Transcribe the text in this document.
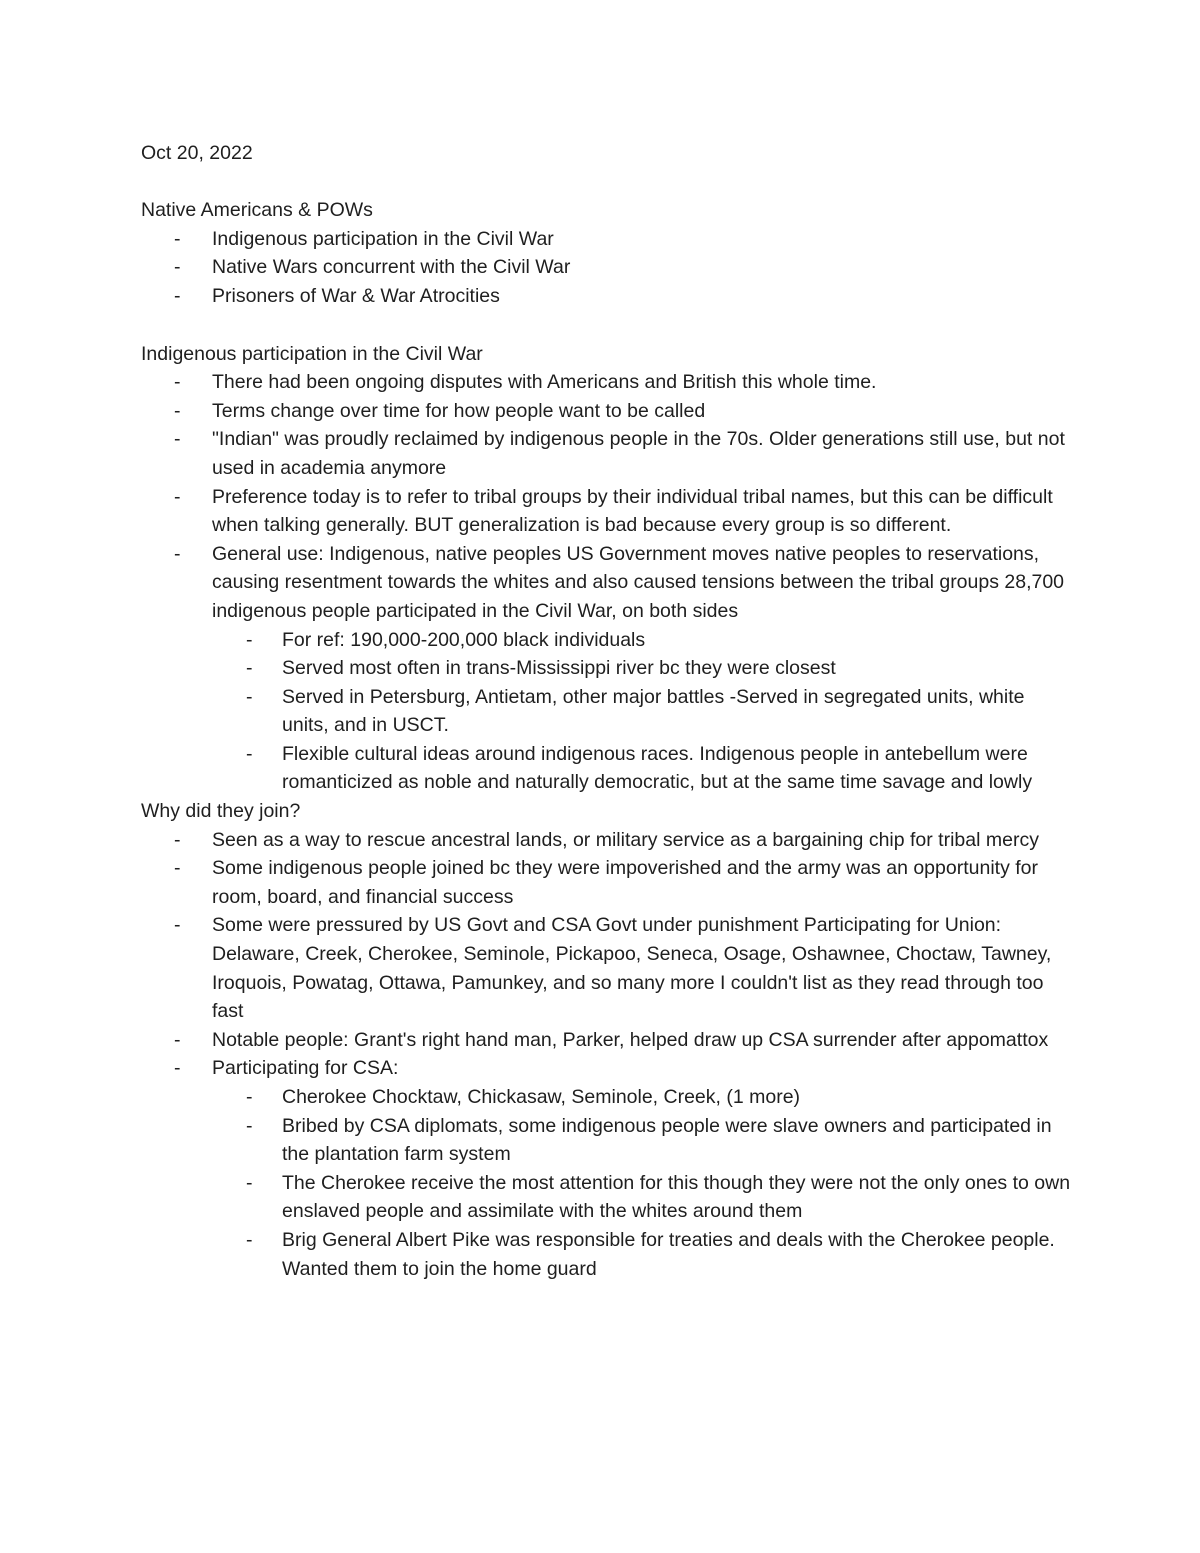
Oct 20, 2022

Native Americans & POWs

- Indigenous participation in the Civil War
- Native Wars concurrent with the Civil War
- Prisoners of War & War Atrocities

Indigenous participation in the Civil War

- There had been ongoing disputes with Americans and British this whole time.
- Terms change over time for how people want to be called
- "Indian" was proudly reclaimed by indigenous people in the 70s. Older generations still use, but not used in academia anymore
- Preference today is to refer to tribal groups by their individual tribal names, but this can be difficult when talking generally. BUT generalization is bad because every group is so different.
- General use: Indigenous, native peoples US Government moves native peoples to reservations, causing resentment towards the whites and also caused tensions between the tribal groups 28,700 indigenous people participated in the Civil War, on both sides
- For ref: 190,000-200,000 black individuals
- Served most often in trans-Mississippi river bc they were closest
- Served in Petersburg, Antietam, other major battles -Served in segregated units, white units, and in USCT.
- Flexible cultural ideas around indigenous races. Indigenous people in antebellum were romanticized as noble and naturally democratic, but at the same time savage and lowly

Why did they join?

- Seen as a way to rescue ancestral lands, or military service as a bargaining chip for tribal mercy
- Some indigenous people joined bc they were impoverished and the army was an opportunity for room, board, and financial success
- Some were pressured by US Govt and CSA Govt under punishment Participating for Union: Delaware, Creek, Cherokee, Seminole, Pickapoo, Seneca, Osage, Oshawnee, Choctaw, Tawney, Iroquois, Powatag, Ottawa, Pamunkey, and so many more I couldn't list as they read through too fast
- Notable people: Grant's right hand man, Parker, helped draw up CSA surrender after appomattox
- Participating for CSA:
- Cherokee Chocktaw, Chickasaw, Seminole, Creek, (1 more)
- Bribed by CSA diplomats, some indigenous people were slave owners and participated in the plantation farm system
- The Cherokee receive the most attention for this though they were not the only ones to own enslaved people and assimilate with the whites around them
- Brig General Albert Pike was responsible for treaties and deals with the Cherokee people. Wanted them to join the home guard
